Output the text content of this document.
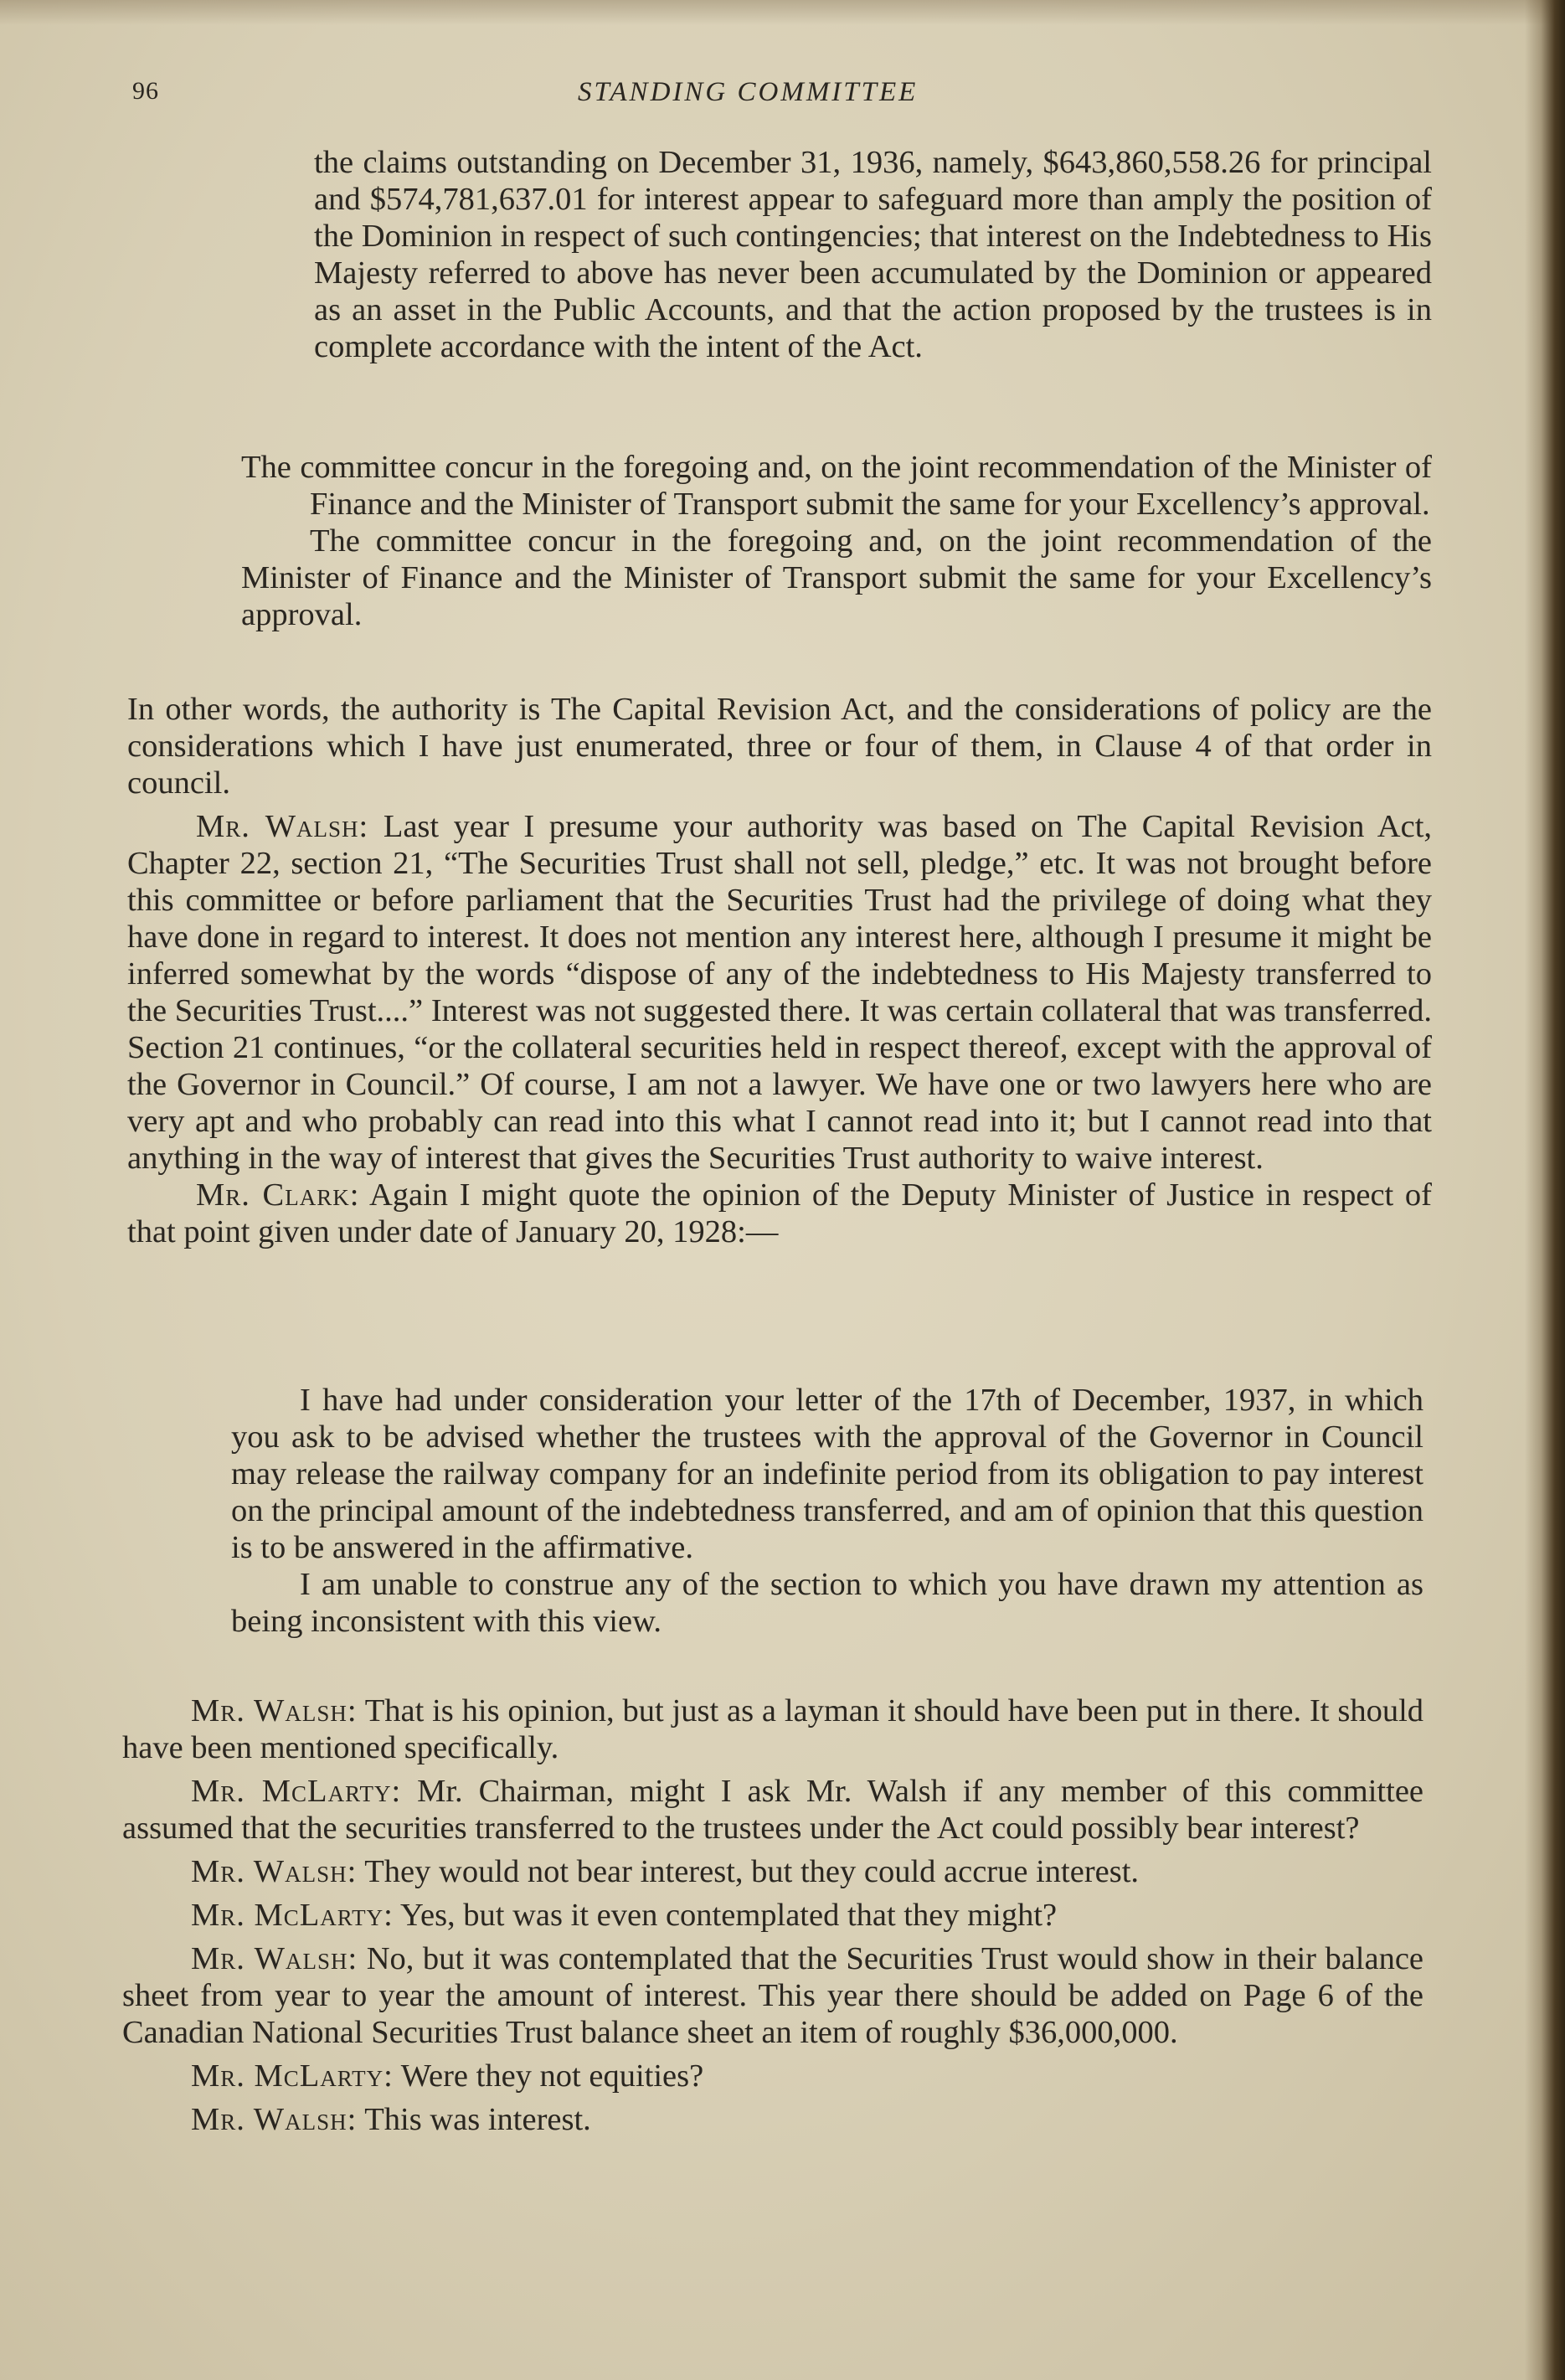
96	STANDING COMMITTEE

the claims outstanding on December 31, 1936, namely, $643,860,558.26 for principal and $574,781,637.01 for interest appear to safeguard more than amply the position of the Dominion in respect of such contingencies; that interest on the Indebtedness to His Majesty referred to above has never been accumulated by the Dominion or appeared as an asset in the Public Accounts, and that the action proposed by the trustees is in complete accordance with the intent of the Act.

The committee concur in the foregoing and, on the joint recommendation of the Minister of Finance and the Minister of Transport submit the same for your Excellency’s approval.

The committee concur in the foregoing and, on the joint recommendation of the Minister of Finance and the Minister of Transport submit the same for your Excellency’s approval.

In other words, the authority is The Capital Revision Act, and the considerations of policy are the considerations which I have just enumerated, three or four of them, in Clause 4 of that order in council.

Mr. Walsh: Last year I presume your authority was based on The Capital Revision Act, Chapter 22, section 21, “The Securities Trust shall not sell, pledge,” etc. It was not brought before this committee or before parliament that the Securities Trust had the privilege of doing what they have done in regard to interest. It does not mention any interest here, although I presume it might be inferred somewhat by the words “dispose of any of the indebtedness to His Majesty transferred to the Securities Trust....” Interest was not suggested there. It was certain collateral that was transferred. Section 21 continues, “or the collateral securities held in respect thereof, except with the approval of the Governor in Council.” Of course, I am not a lawyer. We have one or two lawyers here who are very apt and who probably can read into this what I cannot read into it; but I cannot read into that anything in the way of interest that gives the Securities Trust authority to waive interest.

Mr. Clark: Again I might quote the opinion of the Deputy Minister of Justice in respect of that point given under date of January 20, 1928:—

I have had under consideration your letter of the 17th of December, 1937, in which you ask to be advised whether the trustees with the approval of the Governor in Council may release the railway company for an indefinite period from its obligation to pay interest on the principal amount of the indebtedness transferred, and am of opinion that this question is to be answered in the affirmative.

I am unable to construe any of the section to which you have drawn my attention as being inconsistent with this view.

Mr. Walsh: That is his opinion, but just as a layman it should have been put in there. It should have been mentioned specifically.

Mr. McLarty: Mr. Chairman, might I ask Mr. Walsh if any member of this committee assumed that the securities transferred to the trustees under the Act could possibly bear interest?

Mr. Walsh: They would not bear interest, but they could accrue interest.

Mr. McLarty: Yes, but was it even contemplated that they might?

Mr. Walsh: No, but it was contemplated that the Securities Trust would show in their balance sheet from year to year the amount of interest. This year there should be added on Page 6 of the Canadian National Securities Trust balance sheet an item of roughly $36,000,000.

Mr. McLarty: Were they not equities?

Mr. Walsh: This was interest.
